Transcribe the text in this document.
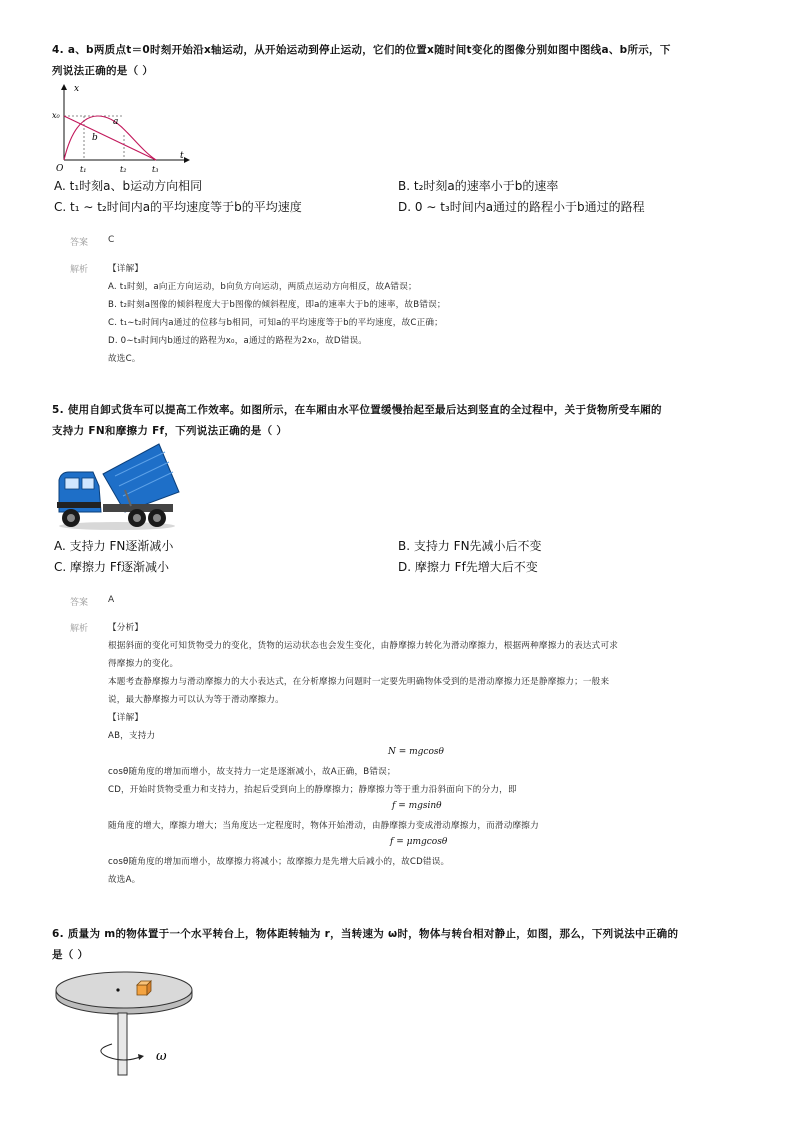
4. a、b两质点t＝0时刻开始沿x轴运动，从开始运动到停止运动，它们的位置x随时间t变化的图像分别如图中图线a、b所示，下
列说法正确的是（ ）
x
t
x₀
O t₁	t₂	t₃
a
b
A. t₁时刻a、b运动方向相同	B. t₂时刻a的速率小于b的速率
C. t₁ ∼ t₂时间内a的平均速度等于b的平均速度	D. 0 ∼ t₃时间内a通过的路程小于b通过的路程
答案 C
解析 【详解】
A. t₁时刻，a向正方向运动，b向负方向运动，两质点运动方向相反，故A错误；
B. t₂时刻a图像的倾斜程度大于b图像的倾斜程度，即a的速率大于b的速率，故B错误；
C. t₁∼t₂时间内a通过的位移与b相同，可知a的平均速度等于b的平均速度，故C正确；
D. 0∼t₃时间内b通过的路程为x₀，a通过的路程为2x₀，故D错误。
故选C。
5. 使用自卸式货车可以提高工作效率。如图所示，在车厢由水平位置缓慢抬起至最后达到竖直的全过程中，关于货物所受车厢的
支持力 FN和摩擦力 Ff，下列说法正确的是（ ）
A. 支持力 FN逐渐减小	B. 支持力 FN先减小后不变
C. 摩擦力 Ff逐渐减小	D. 摩擦力 Ff先增大后不变
答案 A
解析 【分析】
根据斜面的变化可知货物受力的变化，货物的运动状态也会发生变化，由静摩擦力转化为滑动摩擦力，根据两种摩擦力的表达式可求
得摩擦力的变化。
本题考查静摩擦力与滑动摩擦力的大小表达式，在分析摩擦力问题时一定要先明确物体受到的是滑动摩擦力还是静摩擦力；一般来
说，最大静摩擦力可以认为等于滑动摩擦力。
【详解】
AB，支持力
N = mgcosθ
cosθ随角度的增加而增小，故支持力一定是逐渐减小，故A正确，B错误；
CD，开始时货物受重力和支持力，抬起后受到向上的静摩擦力；静摩擦力等于重力沿斜面向下的分力，即
f = mgsinθ
随角度的增大，摩擦力增大；当角度达一定程度时，物体开始滑动，由静摩擦力变成滑动摩擦力，而滑动摩擦力
f = μmgcosθ
cosθ随角度的增加而增小，故摩擦力将减小；故摩擦力是先增大后减小的，故CD错误。
故选A。
6. 质量为 m的物体置于一个水平转台上，物体距转轴为 r，当转速为 ω时，物体与转台相对静止，如图，那么，下列说法中正确的
是（ ）
ω
